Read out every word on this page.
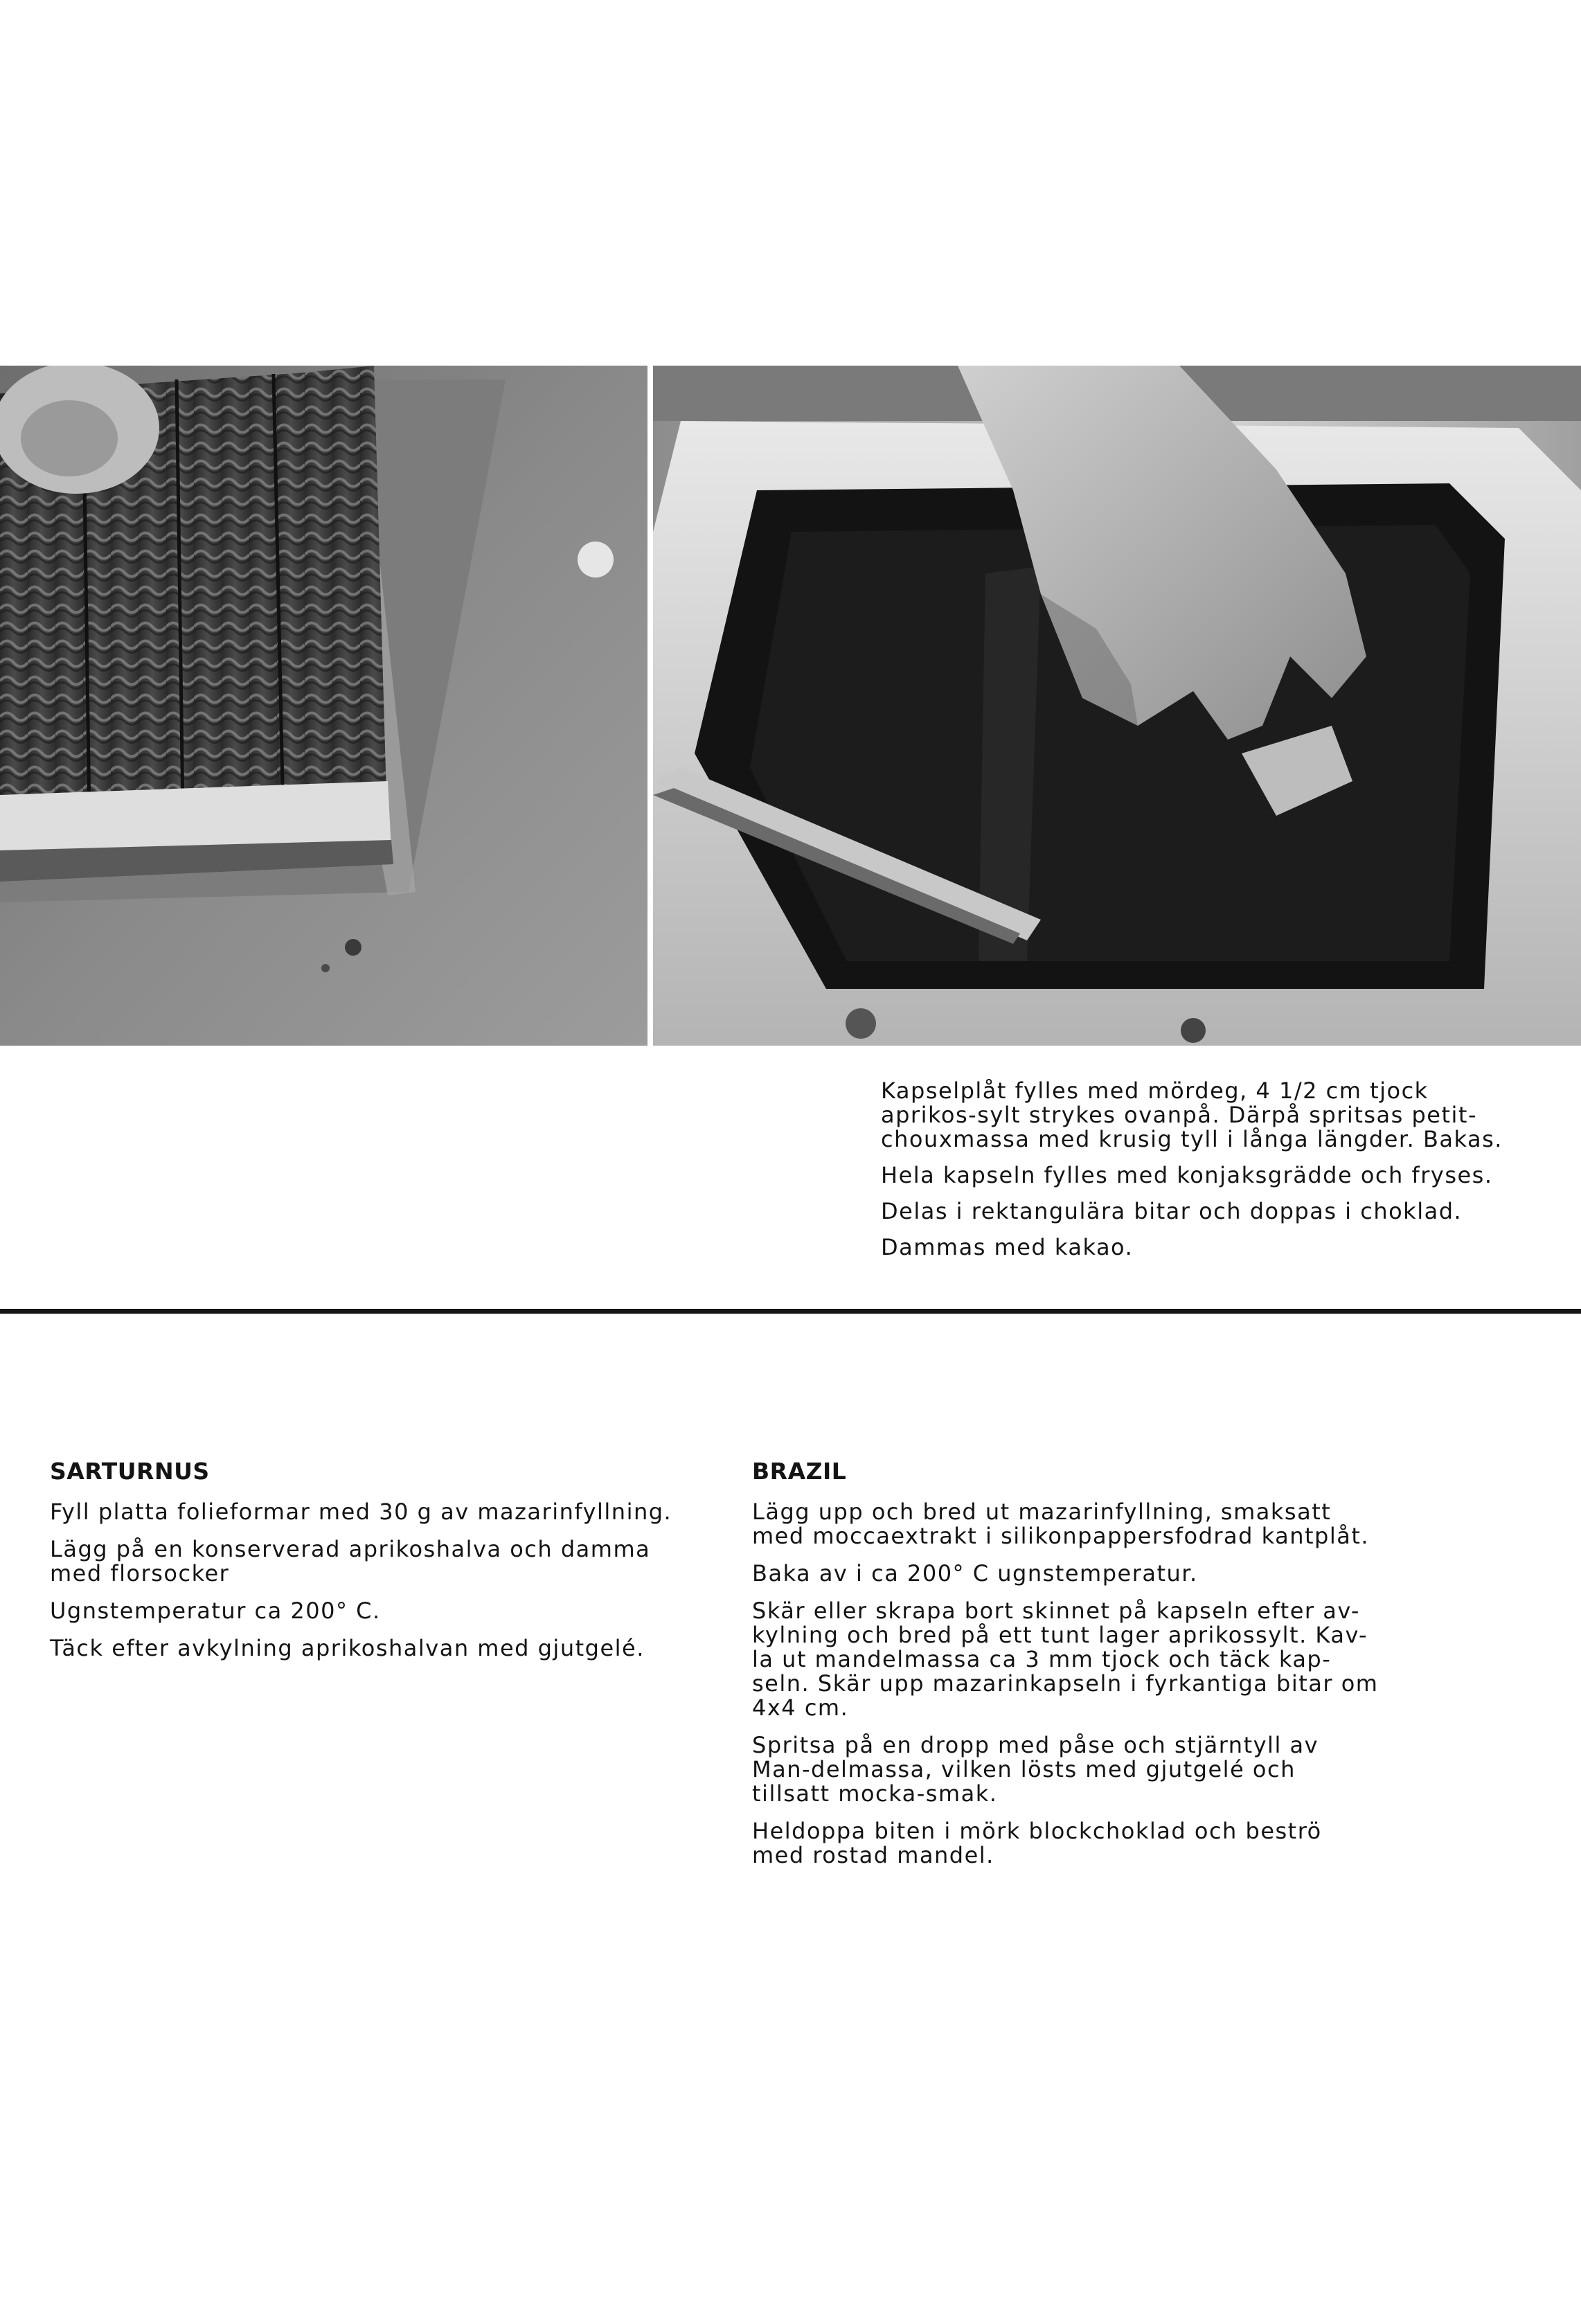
Kapselplåt fylles med mördeg, 4 1/2 cm tjock aprikos-sylt strykes ovanpå. Därpå spritsas petit-chouxmassa med krusig tyll i långa längder. Bakas.

Hela kapseln fylles med konjaksgrädde och fryses.

Delas i rektangulära bitar och doppas i choklad.

Dammas med kakao.

SARTURNUS

Fyll platta folieformar med 30 g av mazarinfyllning.

Lägg på en konserverad aprikoshalva och damma med florsocker

Ugnstemperatur ca 200° C.

Täck efter avkylning aprikoshalvan med gjutgelé.

BRAZIL

Lägg upp och bred ut mazarinfyllning, smaksatt med moccaextrakt i silikonpappersfodrad kantplåt.

Baka av i ca 200° C ugnstemperatur.

Skär eller skrapa bort skinnet på kapseln efter av-kylning och bred på ett tunt lager aprikossylt. Kav-la ut mandelmassa ca 3 mm tjock och täck kap-seln. Skär upp mazarinkapseln i fyrkantiga bitar om 4x4 cm.

Spritsa på en dropp med påse och stjärntyll av Man-delmassa, vilken lösts med gjutgelé och tillsatt mocka-smak.

Heldoppa biten i mörk blockchoklad och beströ med rostad mandel.
